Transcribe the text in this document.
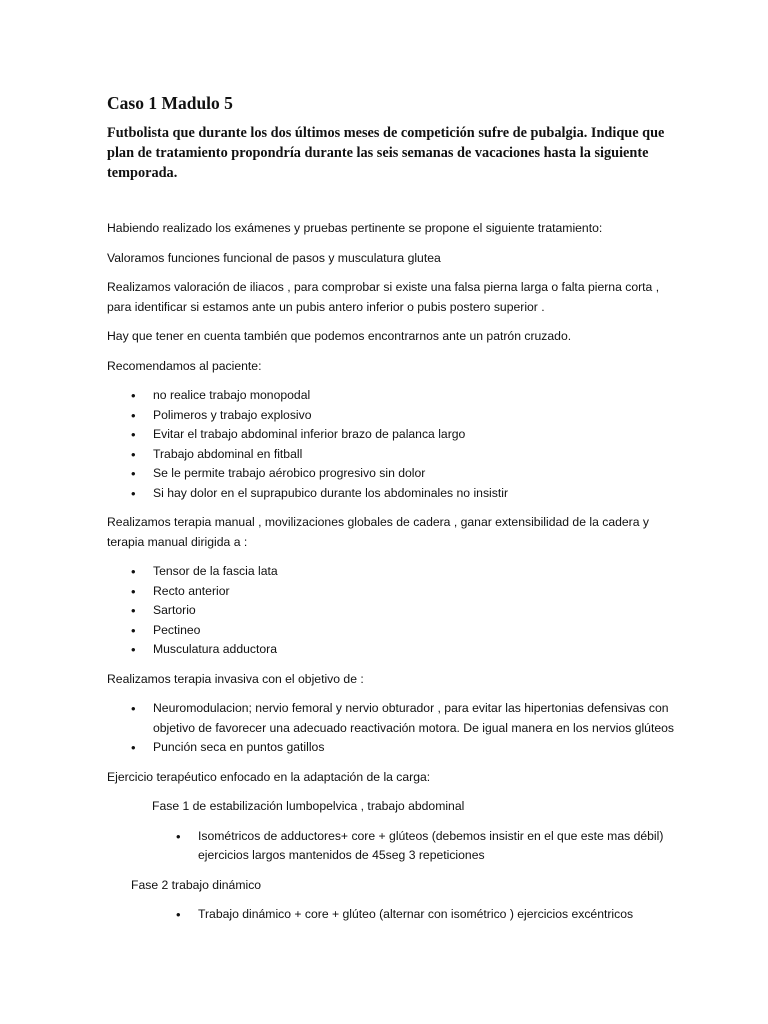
Caso 1 Madulo 5

Futbolista que durante los dos últimos meses de competición sufre de pubalgia. Indique que plan de tratamiento propondría durante las seis semanas de vacaciones hasta la siguiente temporada.

Habiendo realizado los exámenes y pruebas pertinente se propone el siguiente tratamiento:

Valoramos funciones funcional de pasos y musculatura glutea

Realizamos valoración de iliacos , para comprobar si existe una falsa pierna larga o falta pierna corta , para identificar si estamos ante un pubis antero inferior o pubis postero superior .

Hay que tener en cuenta también que podemos encontrarnos ante un patrón cruzado.

Recomendamos al paciente:

• no realice trabajo monopodal
• Polimeros y trabajo explosivo
• Evitar el trabajo abdominal inferior brazo de palanca largo
• Trabajo abdominal en fitball
• Se le permite trabajo aérobico progresivo sin dolor
• Si hay dolor en el suprapubico durante los abdominales no insistir

Realizamos terapia manual , movilizaciones globales de cadera , ganar extensibilidad de la cadera y terapia manual dirigida a :

• Tensor de la fascia lata
• Recto anterior
• Sartorio
• Pectineo
• Musculatura adductora

Realizamos terapia invasiva con el objetivo de :

• Neuromodulacion; nervio femoral y nervio obturador , para evitar las hipertonias defensivas con objetivo de favorecer una adecuado reactivación motora. De igual manera en los nervios glúteos
• Punción seca en puntos gatillos

Ejercicio terapéutico enfocado en la adaptación de la carga:

Fase 1 de estabilización lumbopelvica , trabajo abdominal

• Isométricos de adductores+ core + glúteos (debemos insistir en el que este mas débil) ejercicios largos mantenidos de 45seg 3 repeticiones

Fase 2 trabajo dinámico

• Trabajo dinámico + core + glúteo (alternar con isométrico ) ejercicios excéntricos
